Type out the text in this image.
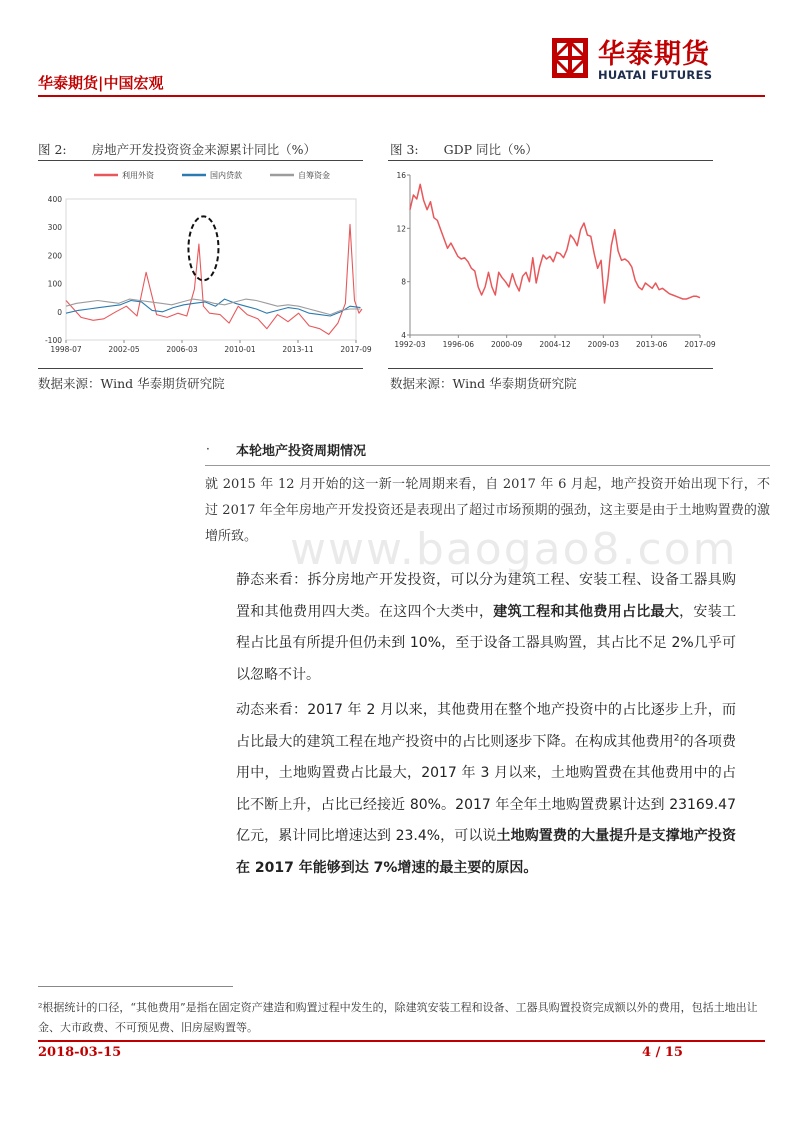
华泰期货
HUATAI FUTURES
华泰期货|中国宏观
图 2:　　房地产开发投资资金来源累计同比（%）
利用外资	国内贷款	自筹资金
400
300
200
100
0
-100
1998-07	2002-05	2006-03	2010-01	2013-11	2017-09
数据来源：Wind 华泰期货研究院
图 3:　　GDP 同比（%）
16
12
8
4
1992-03 1996-06 2000-09 2004-12 2009-03 2013-06 2017-09
数据来源：Wind 华泰期货研究院
· 本轮地产投资周期情况
就 2015 年 12 月开始的这一新一轮周期来看，自 2017 年 6 月起，地产投资开始出现下行，不过 2017 年全年房地产开发投资还是表现出了超过市场预期的强劲，这主要是由于土地购置费的激增所致。 www.baogao8.com
静态来看：拆分房地产开发投资，可以分为建筑工程、安装工程、设备工器具购置和其他费用四大类。在这四个大类中，建筑工程和其他费用占比最大，安装工程占比虽有所提升但仍未到 10%，至于设备工器具购置，其占比不足 2%几乎可以忽略不计。
动态来看：2017 年 2 月以来，其他费用在整个地产投资中的占比逐步上升，而占比最大的建筑工程在地产投资中的占比则逐步下降。在构成其他费用$^2$的各项费用中，土地购置费占比最大，2017 年 3 月以来，土地购置费在其他费用中的占比不断上升，占比已经接近 80%。2017 年全年土地购置费累计达到 23169.47 亿元，累计同比增速达到 23.4%，可以说土地购置费的大量提升是支撑地产投资在 2017 年能够到达 7%增速的最主要的原因。
²根据统计的口径，“其他费用”是指在固定资产建造和购置过程中发生的，除建筑安装工程和设备、工器具购置投资完成额以外的费用，包括土地出让金、大市政费、不可预见费、旧房屋购置等。
2018-03-15	4 / 15
